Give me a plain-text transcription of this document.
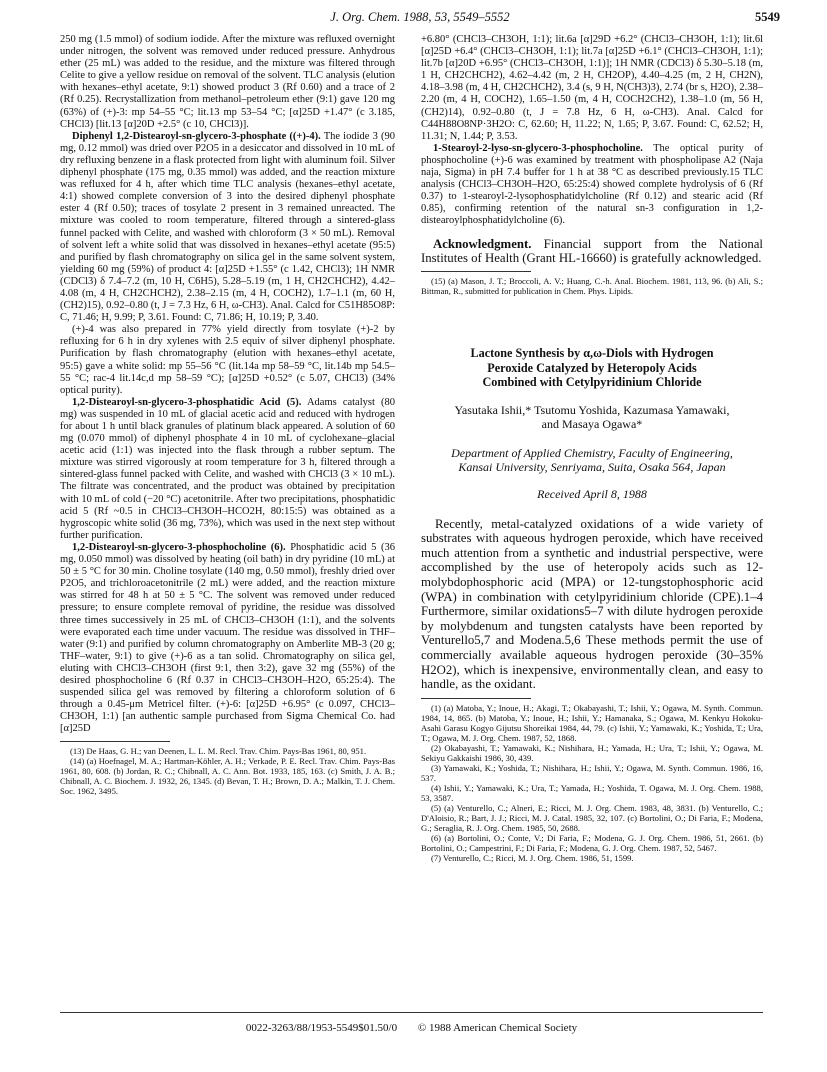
J. Org. Chem. 1988, 53, 5549–5552	5549

250 mg (1.5 mmol) of sodium iodide. After the mixture was refluxed overnight under nitrogen, the solvent was removed under reduced pressure. Anhydrous ether (25 mL) was added to the residue, and the mixture was filtered through Celite to give a yellow residue on removal of the solvent. TLC analysis (elution with hexanes–ethyl acetate, 9:1) showed product 3 (Rf 0.60) and a trace of 2 (Rf 0.25). Recrystallization from methanol–petroleum ether (9:1) gave 120 mg (63%) of (+)-3: mp 54–55 °C; lit.13 mp 53–54 °C; [α]25D +1.47° (c 3.185, CHCl3) [lit.13 [α]20D +2.5° (c 10, CHCl3)].

Diphenyl 1,2-Distearoyl-sn-glycero-3-phosphate ((+)-4). The iodide 3 (90 mg, 0.12 mmol) was dried over P2O5 in a desiccator and dissolved in 10 mL of dry refluxing benzene in a flask protected from light with aluminum foil. Silver diphenyl phosphate (175 mg, 0.35 mmol) was added, and the reaction mixture was refluxed for 4 h, after which time TLC analysis (hexanes–ethyl acetate, 4:1) showed complete conversion of 3 into the desired diphenyl phosphate ester 4 (Rf 0.50); traces of tosylate 2 present in 3 remained unreacted. The mixture was cooled to room temperature, filtered through a sintered-glass funnel packed with Celite, and washed with chloroform (3 × 50 mL). Removal of solvent left a white solid that was dissolved in hexanes–ethyl acetate (95:5) and purified by flash chromatography on silica gel in the same solvent system, yielding 60 mg (59%) of product 4: [α]25D +1.55° (c 1.42, CHCl3); 1H NMR (CDCl3) δ 7.4–7.2 (m, 10 H, C6H5), 5.28–5.19 (m, 1 H, CH2CHCH2), 4.42–4.08 (m, 4 H, CH2CHCH2), 2.38–2.15 (m, 4 H, COCH2), 1.7–1.1 (m, 60 H, (CH2)15), 0.92–0.80 (t, J = 7.3 Hz, 6 H, ω-CH3). Anal. Calcd for C51H85O8P: C, 71.46; H, 9.99; P, 3.61. Found: C, 71.86; H, 10.19; P, 3.40.

(+)-4 was also prepared in 77% yield directly from tosylate (+)-2 by refluxing for 6 h in dry xylenes with 2.5 equiv of silver diphenyl phosphate. Purification by flash chromatography (elution with hexanes–ethyl acetate, 95:5) gave a white solid: mp 55–56 °C (lit.14a mp 58–59 °C, lit.14b mp 54.5–55 °C; rac-4 lit.14c,d mp 58–59 °C); [α]25D +0.52° (c 5.07, CHCl3) (34% optical purity).

1,2-Distearoyl-sn-glycero-3-phosphatidic Acid (5). Adams catalyst (80 mg) was suspended in 10 mL of glacial acetic acid and reduced with hydrogen for about 1 h until black granules of platinum black appeared. A solution of 60 mg (0.070 mmol) of diphenyl phosphate 4 in 10 mL of cyclohexane–glacial acetic acid (1:1) was injected into the flask through a rubber septum. The mixture was stirred vigorously at room temperature for 3 h, filtered through a sintered-glass funnel packed with Celite, and washed with CHCl3 (3 × 10 mL). The filtrate was concentrated, and the product was obtained by precipitation with 10 mL of cold (−20 °C) acetonitrile. After two precipitations, phosphatidic acid 5 (Rf ~0.5 in CHCl3–CH3OH–HCO2H, 80:15:5) was obtained as a hygroscopic white solid (36 mg, 73%), which was used in the next step without further purification.

1,2-Distearoyl-sn-glycero-3-phosphocholine (6). Phosphatidic acid 5 (36 mg, 0.050 mmol) was dissolved by heating (oil bath) in dry pyridine (10 mL) at 50 ± 5 °C for 30 min. Choline tosylate (140 mg, 0.50 mmol), freshly dried over P2O5, and trichloroacetonitrile (2 mL) were added, and the reaction mixture was stirred for 48 h at 50 ± 5 °C. The solvent was removed under reduced pressure; to ensure complete removal of pyridine, the residue was dissolved three times successively in 25 mL of CHCl3–CH3OH (1:1), and the solvents were evaporated each time under vacuum. The residue was dissolved in THF–water (9:1) and purified by column chromatography on Amberlite MB-3 (20 g; THF–water, 9:1) to give (+)-6 as a tan solid. Chromatography on silica gel, eluting with CHCl3–CH3OH (first 9:1, then 3:2), gave 32 mg (55%) of the desired phosphocholine 6 (Rf 0.37 in CHCl3–CH3OH–H2O, 65:25:4). The suspended silica gel was removed by filtering a chloroform solution of 6 through a 0.45-μm Metricel filter. (+)-6: [α]25D +6.95° (c 0.097, CHCl3–CH3OH, 1:1) [an authentic sample purchased from Sigma Chemical Co. had [α]25D

(13) De Haas, G. H.; van Deenen, L. L. M. Recl. Trav. Chim. Pays-Bas 1961, 80, 951.

(14) (a) Hoefnagel, M. A.; Hartman-Köhler, A. H.; Verkade, P. E. Recl. Trav. Chim. Pays-Bas 1961, 80, 608. (b) Jordan, R. C.; Chibnall, A. C. Ann. Bot. 1933, 185, 163. (c) Smith, J. A. B.; Chibnall, A. C. Biochem. J. 1932, 26, 1345. (d) Bevan, T. H.; Brown, D. A.; Malkin, T. J. Chem. Soc. 1962, 3495.

+6.80° (CHCl3–CH3OH, 1:1); lit.6a [α]29D +6.2° (CHCl3–CH3OH, 1:1); lit.6l [α]25D +6.4° (CHCl3–CH3OH, 1:1); lit.7a [α]25D +6.1° (CHCl3–CH3OH, 1:1); lit.7b [α]20D +6.95° (CHCl3–CH3OH, 1:1)]; 1H NMR (CDCl3) δ 5.30–5.18 (m, 1 H, CH2CHCH2), 4.62–4.42 (m, 2 H, CH2OP), 4.40–4.25 (m, 2 H, CH2N), 4.18–3.98 (m, 4 H, CH2CHCH2), 3.4 (s, 9 H, N(CH3)3), 2.74 (br s, H2O), 2.38–2.20 (m, 4 H, COCH2), 1.65–1.50 (m, 4 H, COCH2CH2), 1.38–1.0 (m, 56 H, (CH2)14), 0.92–0.80 (t, J = 7.8 Hz, 6 H, ω-CH3). Anal. Calcd for C44H88O8NP·3H2O: C, 62.60; H, 11.22; N, 1.65; P, 3.67. Found: C, 62.52; H, 11.31; N, 1.44; P, 3.53.

1-Stearoyl-2-lyso-sn-glycero-3-phosphocholine. The optical purity of phosphocholine (+)-6 was examined by treatment with phospholipase A2 (Naja naja, Sigma) in pH 7.4 buffer for 1 h at 38 °C as described previously.15 TLC analysis (CHCl3–CH3OH–H2O, 65:25:4) showed complete hydrolysis of 6 (Rf 0.37) to 1-stearoyl-2-lysophosphatidylcholine (Rf 0.12) and stearic acid (Rf 0.85), confirming retention of the natural sn-3 configuration in 1,2-distearoylphosphatidylcholine (6).

Acknowledgment. Financial support from the National Institutes of Health (Grant HL-16660) is gratefully acknowledged.

(15) (a) Mason, J. T.; Broccoli, A. V.; Huang, C.-h. Anal. Biochem. 1981, 113, 96. (b) Ali, S.; Bittman, R., submitted for publication in Chem. Phys. Lipids.

Lactone Synthesis by α,ω-Diols with Hydrogen
Peroxide Catalyzed by Heteropoly Acids
Combined with Cetylpyridinium Chloride
Yasutaka Ishii,* Tsutomu Yoshida, Kazumasa Yamawaki,
and Masaya Ogawa*
Department of Applied Chemistry, Faculty of Engineering,
Kansai University, Senriyama, Suita, Osaka 564, Japan
Received April 8, 1988

Recently, metal-catalyzed oxidations of a wide variety of substrates with aqueous hydrogen peroxide, which have received much attention from a synthetic and industrial perspective, were accomplished by the use of heteropoly acids such as 12-molybdophosphoric acid (MPA) or 12-tungstophosphoric acid (WPA) in combination with cetylpyridinium chloride (CPE).1–4 Furthermore, similar oxidations5–7 with dilute hydrogen peroxide by molybdenum and tungsten catalysts have been reported by Venturello5,7 and Modena.5,6 These methods permit the use of commercially available aqueous hydrogen peroxide (30–35% H2O2), which is inexpensive, environmentally clean, and easy to handle, as the oxidant.

(1) (a) Matoba, Y.; Inoue, H.; Akagi, T.; Okabayashi, T.; Ishii, Y.; Ogawa, M. Synth. Commun. 1984, 14, 865. (b) Matoba, Y.; Inoue, H.; Ishii, Y.; Hamanaka, S.; Ogawa, M. Kenkyu Hokoku-Asahi Garasu Kogyo Gijutsu Shoreikai 1984, 44, 79. (c) Ishii, Y.; Yamawaki, K.; Yoshida, T.; Ura, T.; Ogawa, M. J. Org. Chem. 1987, 52, 1868.

(2) Okabayashi, T.; Yamawaki, K.; Nishihara, H.; Yamada, H.; Ura, T.; Ishii, Y.; Ogawa, M. Sekiyu Gakkaishi 1986, 30, 439.

(3) Yamawaki, K.; Yoshida, T.; Nishihara, H.; Ishii, Y.; Ogawa, M. Synth. Commun. 1986, 16, 537.

(4) Ishii, Y.; Yamawaki, K.; Ura, T.; Yamada, H.; Yoshida, T. Ogawa, M. J. Org. Chem. 1988, 53, 3587.

(5) (a) Venturello, C.; Alneri, E.; Ricci, M. J. Org. Chem. 1983, 48, 3831. (b) Venturello, C.; D'Aloisio, R.; Bart, J. J.; Ricci, M. J. Catal. 1985, 32, 107. (c) Bortolini, O.; Di Faria, F.; Modena, G.; Seraglia, R. J. Org. Chem. 1985, 50, 2688.

(6) (a) Bortolini, O.; Conte, V.; Di Faria, F.; Modena, G. J. Org. Chem. 1986, 51, 2661. (b) Bortolini, O.; Campestrini, F.; Di Faria, F.; Modena, G. J. Org. Chem. 1987, 52, 5467.

(7) Venturello, C.; Ricci, M. J. Org. Chem. 1986, 51, 1599.

0022-3263/88/1953-5549$01.50/0 © 1988 American Chemical Society
